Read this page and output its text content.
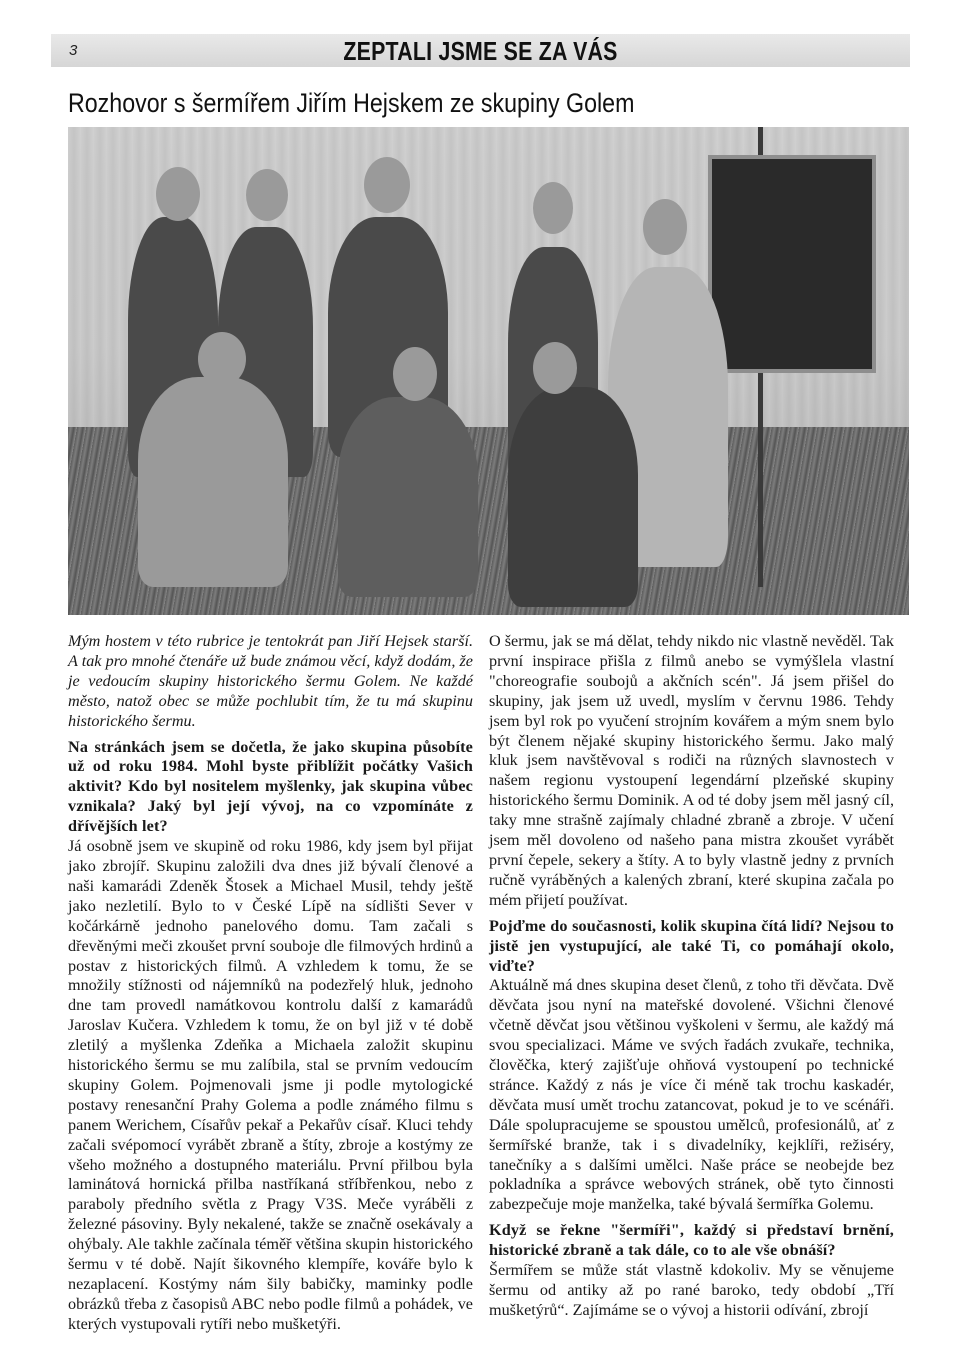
3	ZEPTALI JSME SE ZA VÁS
Rozhovor s šermířem Jiřím Hejskem ze skupiny Golem

Mým hostem v této rubrice je tentokrát pan Jiří Hejsek starší. A tak pro mnohé čtenáře už bude známou věcí, když dodám, že je vedoucím skupiny historického šermu Golem. Ne každé město, natož obec se může pochlubit tím, že tu má skupinu historického šermu.

Na stránkách jsem se dočetla, že jako skupina působíte už od roku 1984. Mohl byste přiblížit počátky Vašich aktivit? Kdo byl nositelem myšlenky, jak skupina vůbec vznikala? Jaký byl její vývoj, na co vzpomínáte z dřívějších let?

Já osobně jsem ve skupině od roku 1986, kdy jsem byl přijat jako zbrojíř. Skupinu založili dva dnes již bývalí členové a naši kamarádi Zdeněk Štosek a Michael Musil, tehdy ještě jako nezletilí. Bylo to v České Lípě na sídlišti Sever v kočárkárně jednoho panelového domu. Tam začali s dřevěnými meči zkoušet první souboje dle filmových hrdinů a postav z historických filmů. A vzhledem k tomu, že se množily stížnosti od nájemníků na podezřelý hluk, jednoho dne tam provedl namátkovou kontrolu další z kamarádů Jaroslav Kučera. Vzhledem k tomu, že on byl již v té době zletilý a myšlenka Zdeňka a Michaela založit skupinu historického šermu se mu zalíbila, stal se prvním vedoucím skupiny Golem. Pojmenovali jsme ji podle mytologické postavy renesanční Prahy Golema a podle známého filmu s panem Werichem, Císařův pekař a Pekařův císař. Kluci tehdy začali svépomocí vyrábět zbraně a štíty, zbroje a kostýmy ze všeho možného a dostupného materiálu. První přilbou byla laminátová hornická přilba nastříkaná stříbřenkou, nebo z paraboly předního světla z Pragy V3S. Meče vyráběli z železné pásoviny. Byly nekalené, takže se značně osekávaly a ohýbaly. Ale takhle začínala téměř většina skupin historického šermu v té době. Najít šikovného klempíře, kováře bylo k nezaplacení. Kostýmy nám šily babičky, maminky podle obrázků třeba z časopisů ABC nebo podle filmů a pohádek, ve kterých vystupovali rytíři nebo mušketýři.

O šermu, jak se má dělat, tehdy nikdo nic vlastně nevěděl. Tak první inspirace přišla z filmů anebo se vymýšlela vlastní "choreografie soubojů a akčních scén". Já jsem přišel do skupiny, jak jsem už uvedl, myslím v červnu 1986. Tehdy jsem byl rok po vyučení strojním kovářem a mým snem bylo být členem nějaké skupiny historického šermu. Jako malý kluk jsem navštěvoval s rodiči na různých slavnostech v našem regionu vystoupení legendární plzeňské skupiny historického šermu Dominik. A od té doby jsem měl jasný cíl, taky mne strašně zajímaly chladné zbraně a zbroje. V učení jsem měl dovoleno od našeho pana mistra zkoušet vyrábět první čepele, sekery a štíty. A to byly vlastně jedny z prvních ručně vyráběných a kalených zbraní, které skupina začala po mém přijetí používat.

Pojďme do současnosti, kolik skupina čítá lidí? Nejsou to jistě jen vystupující, ale také Ti, co pomáhají okolo, viďte?

Aktuálně má dnes skupina deset členů, z toho tři děvčata. Dvě děvčata jsou nyní na mateřské dovolené. Všichni členové včetně děvčat jsou většinou vyškoleni v šermu, ale každý má svou specializaci. Máme ve svých řadách zvukaře, technika, člověčka, který zajišťuje ohňová vystoupení po technické stránce. Každý z nás je více či méně tak trochu kaskadér, děvčata musí umět trochu zatancovat, pokud je to ve scénáři. Dále spolupracujeme se spoustou umělců, profesionálů, ať z šermířské branže, tak i s divadelníky, kejklíři, režiséry, tanečníky a s dalšími umělci. Naše práce se neobejde bez pokladníka a správce webových stránek, obě tyto činnosti zabezpečuje moje manželka, také bývalá šermířka Golemu.

Když se řekne "šermíři", každý si představí brnění, historické zbraně a tak dále, co to ale vše obnáší?

Šermířem se může stát vlastně kdokoliv. My se věnujeme šermu od antiky až po rané baroko, tedy období „Tří mušketýrů“. Zajímáme se o vývoj a historii odívání, zbrojí
